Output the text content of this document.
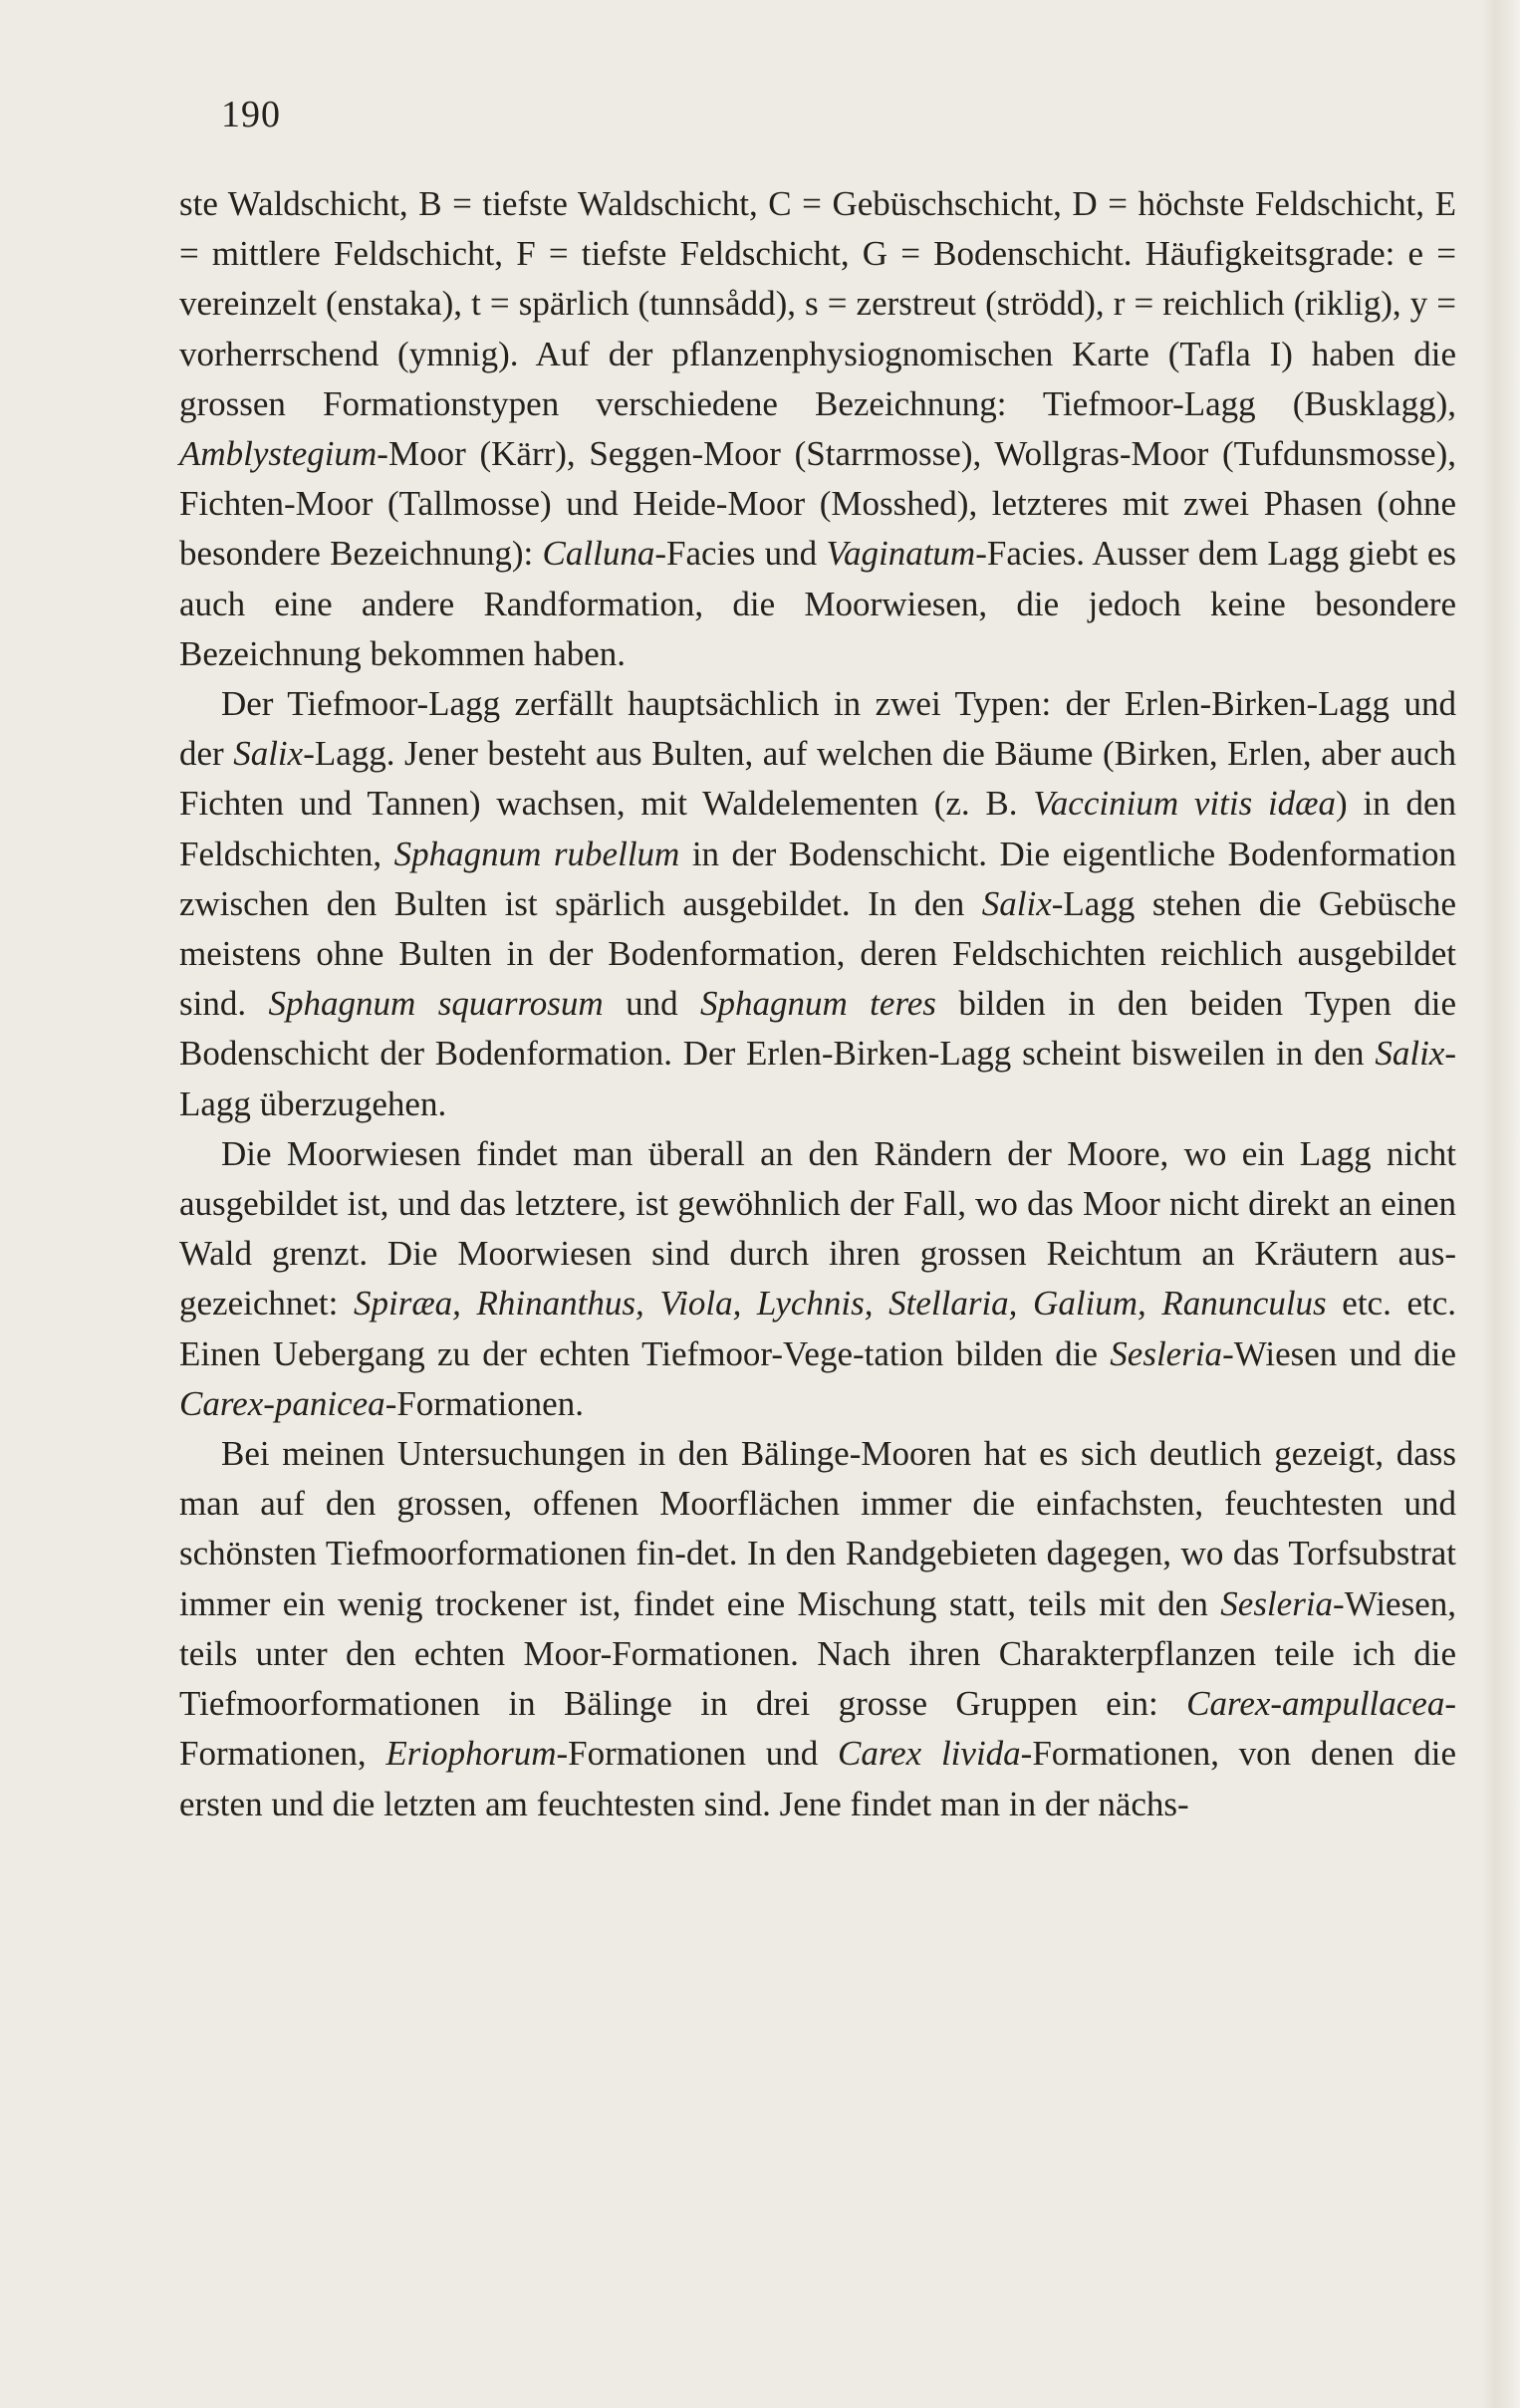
190

ste Waldschicht, B = tiefste Waldschicht, C = Gebüschschicht, D = höchste Feldschicht, E = mittlere Feldschicht, F = tiefste Feldschicht, G = Bodenschicht. Häufigkeitsgrade: e = vereinzelt (enstaka), t = spärlich (tunnsådd), s = zerstreut (strödd), r = reichlich (riklig), y = vorherrschend (ymnig). Auf der pflanzenphysiognomischen Karte (Tafla I) haben die grossen Formationstypen verschiedene Bezeichnung: Tiefmoor-Lagg (Busklagg), Amblystegium-Moor (Kärr), Seggen-Moor (Starrmosse), Wollgras-Moor (Tufdunsmosse), Fichten-Moor (Tallmosse) und Heide-Moor (Mosshed), letzteres mit zwei Phasen (ohne besondere Bezeichnung): Calluna-Facies und Vaginatum-Facies. Ausser dem Lagg giebt es auch eine andere Randformation, die Moorwiesen, die jedoch keine besondere Bezeichnung bekommen haben.

Der Tiefmoor-Lagg zerfällt hauptsächlich in zwei Typen: der Erlen-Birken-Lagg und der Salix-Lagg. Jener besteht aus Bulten, auf welchen die Bäume (Birken, Erlen, aber auch Fichten und Tannen) wachsen, mit Waldelementen (z. B. Vaccinium vitis idæa) in den Feldschichten, Sphagnum rubellum in der Bodenschicht. Die eigentliche Bodenformation zwischen den Bulten ist spärlich ausgebildet. In den Salix-Lagg stehen die Gebüsche meistens ohne Bulten in der Bodenformation, deren Feldschichten reichlich ausgebildet sind. Sphagnum squarrosum und Sphagnum teres bilden in den beiden Typen die Bodenschicht der Bodenformation. Der Erlen-Birken-Lagg scheint bisweilen in den Salix-Lagg überzugehen.

Die Moorwiesen findet man überall an den Rändern der Moore, wo ein Lagg nicht ausgebildet ist, und das letztere, ist gewöhnlich der Fall, wo das Moor nicht direkt an einen Wald grenzt. Die Moorwiesen sind durch ihren grossen Reichtum an Kräutern aus-gezeichnet: Spiræa, Rhinanthus, Viola, Lychnis, Stellaria, Galium, Ranunculus etc. etc. Einen Uebergang zu der echten Tiefmoor-Vege-tation bilden die Sesleria-Wiesen und die Carex-panicea-Formationen.

Bei meinen Untersuchungen in den Bälinge-Mooren hat es sich deutlich gezeigt, dass man auf den grossen, offenen Moorflächen immer die einfachsten, feuchtesten und schönsten Tiefmoorformationen fin-det. In den Randgebieten dagegen, wo das Torfsubstrat immer ein wenig trockener ist, findet eine Mischung statt, teils mit den Sesleria-Wiesen, teils unter den echten Moor-Formationen. Nach ihren Charakterpflanzen teile ich die Tiefmoorformationen in Bälinge in drei grosse Gruppen ein: Carex-ampullacea-Formationen, Eriophorum-Formationen und Carex livida-Formationen, von denen die ersten und die letzten am feuchtesten sind. Jene findet man in der nächs-
